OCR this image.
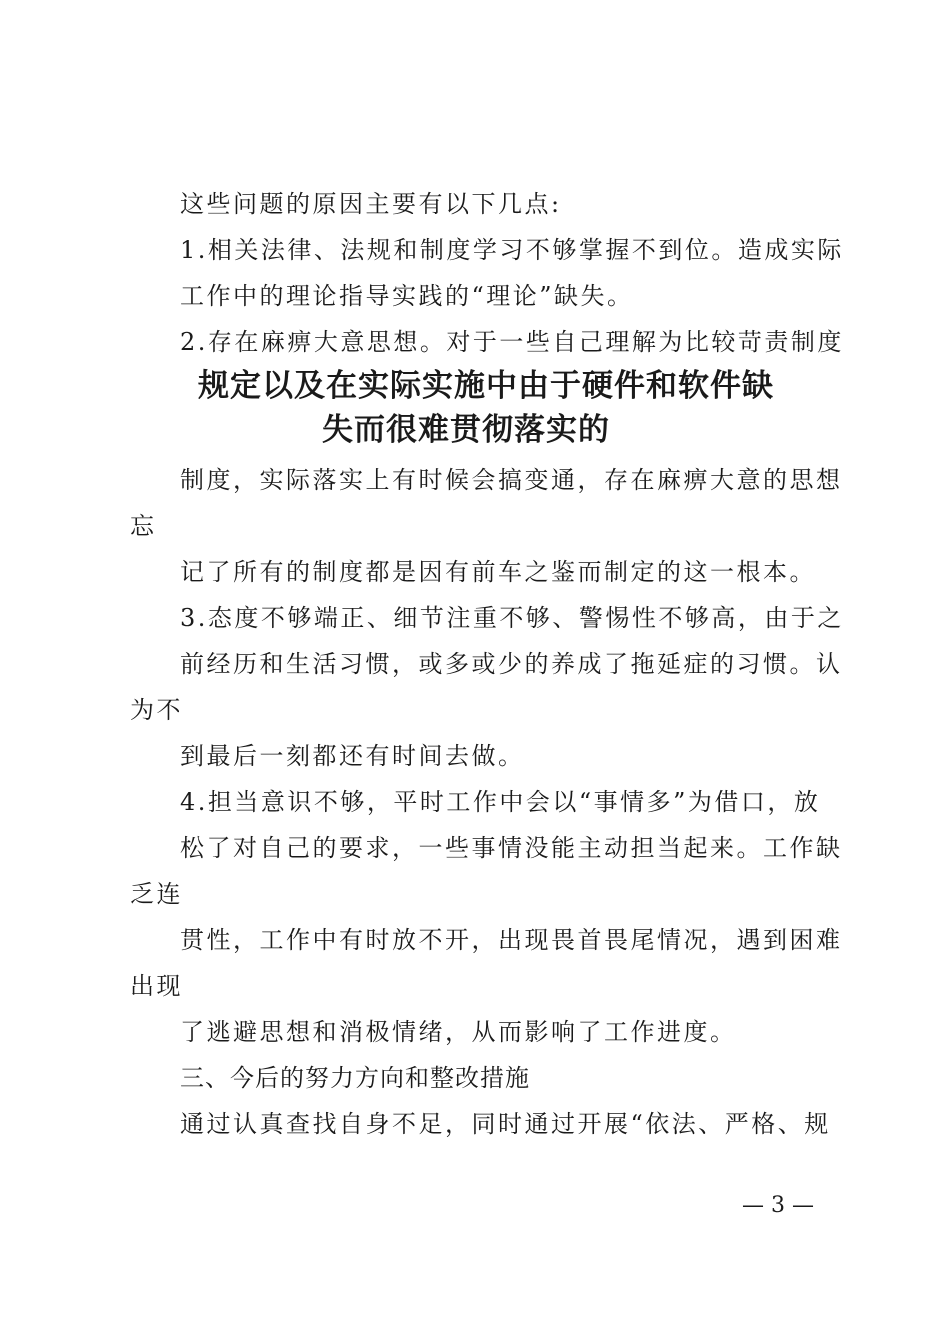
这些问题的原因主要有以下几点:
1.相关法律、法规和制度学习不够掌握不到位。造成实际
工作中的理论指导实践的“理论”缺失。
2.存在麻痹大意思想。对于一些自己理解为比较苛责制度
规定以及在实际实施中由于硬件和软件缺
失而很难贯彻落实的
制度，实际落实上有时候会搞变通，存在麻痹大意的思想
忘
记了所有的制度都是因有前车之鉴而制定的这一根本。
3.态度不够端正、细节注重不够、警惕性不够高，由于之
前经历和生活习惯，或多或少的养成了拖延症的习惯。认
为不
到最后一刻都还有时间去做。
4.担当意识不够，平时工作中会以“事情多”为借口，放
松了对自己的要求，一些事情没能主动担当起来。工作缺
乏连
贯性，工作中有时放不开，出现畏首畏尾情况，遇到困难
出现
了逃避思想和消极情绪，从而影响了工作进度。
三、今后的努力方向和整改措施
通过认真查找自身不足，同时通过开展“依法、严格、规
— 3 —
